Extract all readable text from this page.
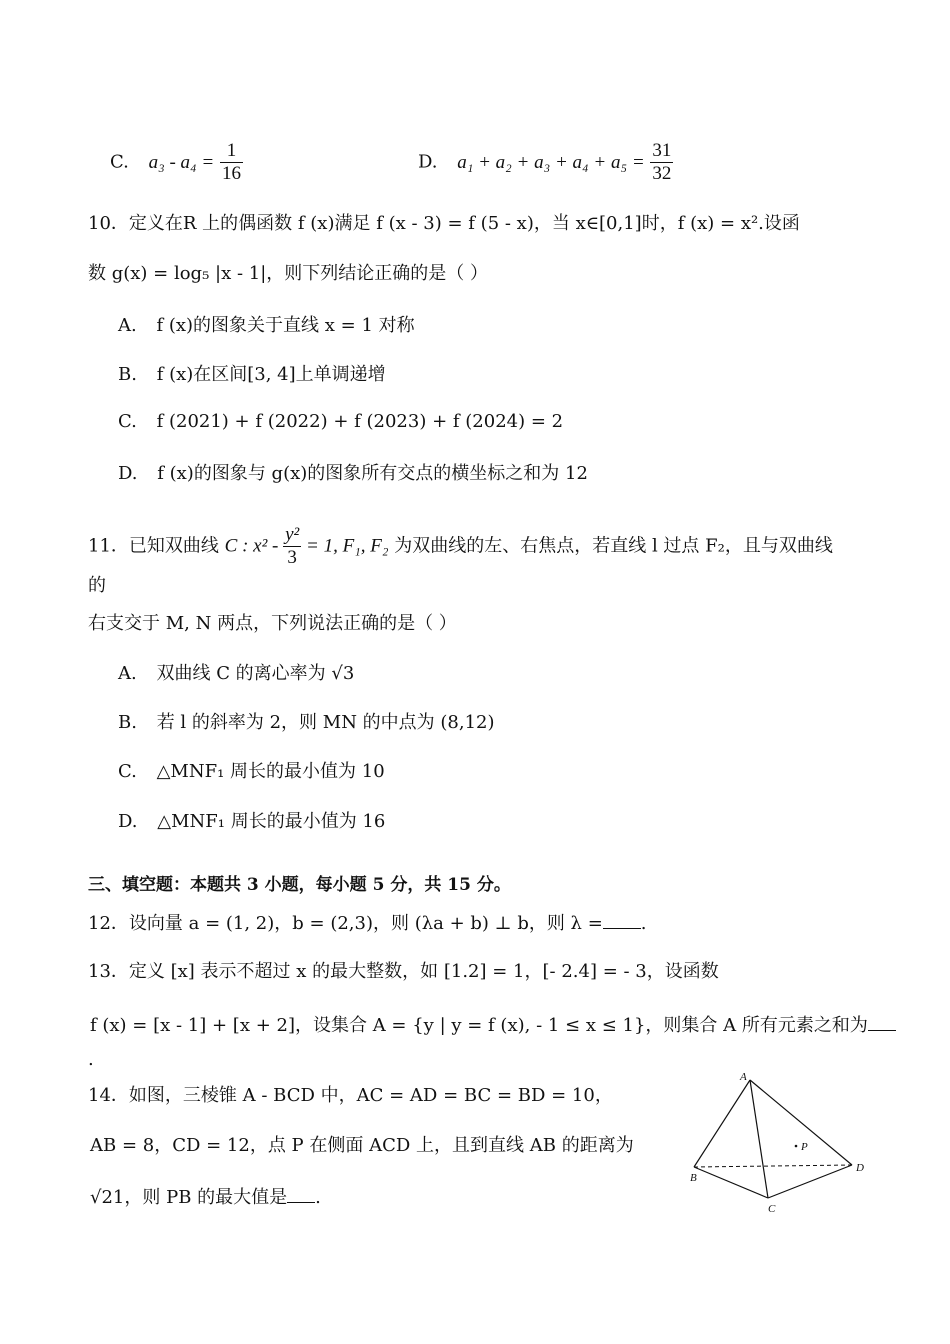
C. $a_3 - a_4 = \frac{1}{16}$	D. $a_1 + a_2 + a_3 + a_4 + a_5 = \frac{31}{32}$
10．定义在R 上的偶函数 f (x)满足 f (x - 3) = f (5 - x)，当 x∈[0,1]时，f (x) = x².设函
数 g(x) = log₅ |x - 1|，则下列结论正确的是（ ）
A. f (x)的图象关于直线 x = 1 对称
B. f (x)在区间[3, 4]上单调递增
C. f (2021) + f (2022) + f (2023) + f (2024) = 2
D. f (x)的图象与 g(x)的图象所有交点的横坐标之和为 12
11．已知双曲线 C : $x^2 - \frac{\text{y²}}{3} = 1$, F₁, F₂ 为双曲线的左、右焦点，若直线 l 过点 F₂，且与双曲线
的
右支交于 M, N 两点，下列说法正确的是（ ）
A. 双曲线 C 的离心率为 √3
B. 若 l 的斜率为 2，则 MN 的中点为 (8,12)
C. △MNF₁ 周长的最小值为 10
D. △MNF₁ 周长的最小值为 16
三、填空题：本题共 3 小题，每小题 5 分，共 15 分。
12．设向量 a = (1, 2)，b = (2,3)，则 (λa + b) ⊥ b，则 λ = .
13．定义 [x] 表示不超过 x 的最大整数，如 [1.2] = 1，[- 2.4] = - 3，设函数
f (x) = [x - 1] + [x + 2]，设集合 A = {y | y = f (x), - 1 ≤ x ≤ 1}，则集合 A 所有元素之和为
.
14．如图，三棱锥 A - BCD 中，AC = AD = BC = BD = 10，
AB = 8，CD = 12，点 P 在侧面 ACD 上，且到直线 AB 的距离为
√21，则 PB 的最大值是 .
A
B
C
D
P
